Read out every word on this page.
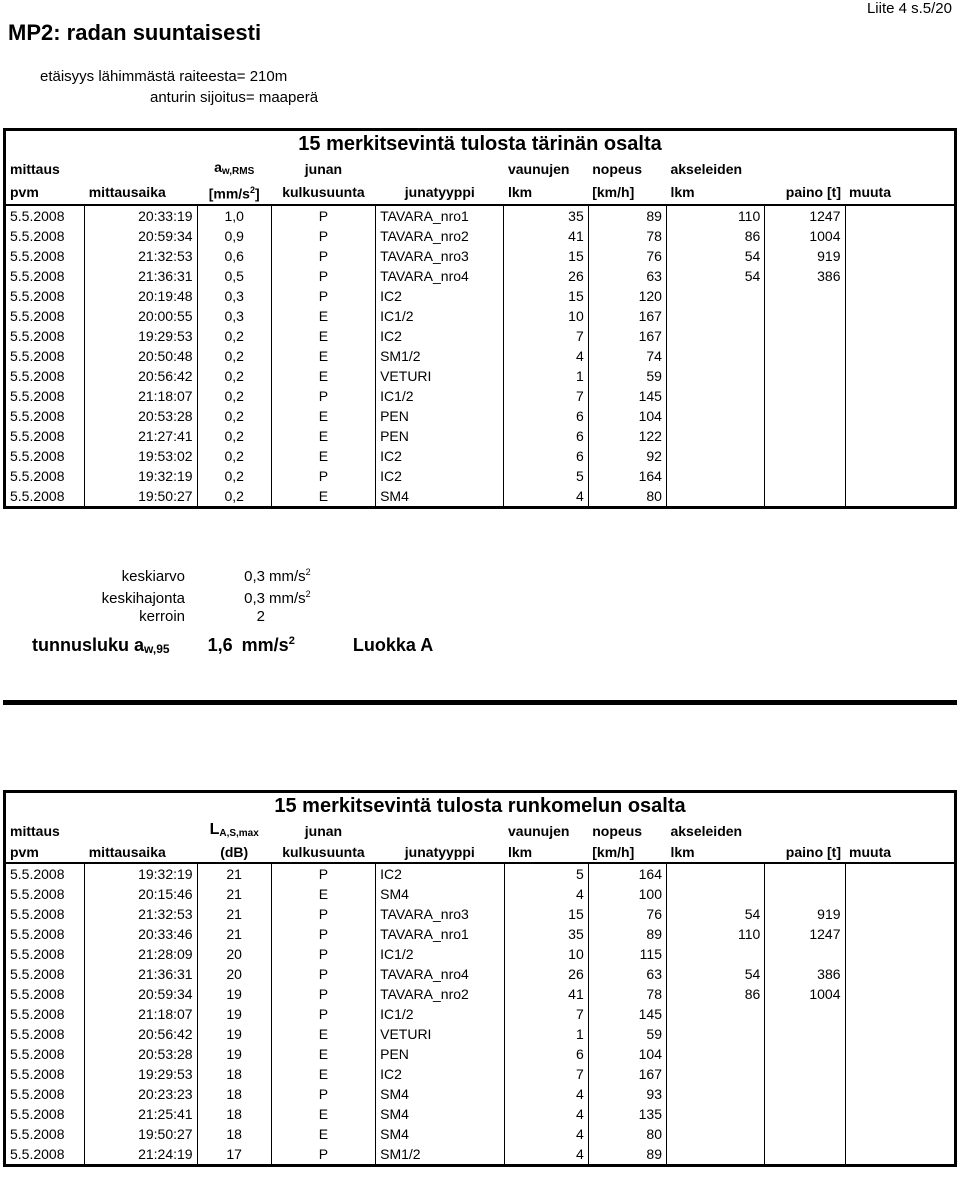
MP2: radan suuntaisesti
Liite 4 s.5/20
etäisyys lähimmästä raiteesta= 210m
anturin sijoitus= maaperä
15 merkitsevintä tulosta tärinän osalta									
mittaus		aw,RMS	junan		vaunujen	nopeus	akseleiden		
pvm	mittausaika	$[mm/s^2]$	kulkusuunta	junatyyppi	lkm	[km/h]	lkm	paino [t]	muuta
5.5.2008	20:33:19	1,0	P	TAVARA_nro1	35	89	110	1247	
5.5.2008	20:59:34	0,9	P	TAVARA_nro2	41	78	86	1004	
5.5.2008	21:32:53	0,6	P	TAVARA_nro3	15	76	54	919	
5.5.2008	21:36:31	0,5	P	TAVARA_nro4	26	63	54	386	
5.5.2008	20:19:48	0,3	P	IC2	15	120			
5.5.2008	20:00:55	0,3	E	IC1/2	10	167			
5.5.2008	19:29:53	0,2	E	IC2	7	167			
5.5.2008	20:50:48	0,2	E	SM1/2	4	74			
5.5.2008	20:56:42	0,2	E	VETURI	1	59			
5.5.2008	21:18:07	0,2	P	IC1/2	7	145			
5.5.2008	20:53:28	0,2	E	PEN	6	104			
5.5.2008	21:27:41	0,2	E	PEN	6	122			
5.5.2008	19:53:02	0,2	E	IC2	6	92			
5.5.2008	19:32:19	0,2	P	IC2	5	164			
5.5.2008	19:50:27	0,2	E	SM4	4	80			
keskiarvo	0,3 $mm/s^2$
keskihajonta	0,3 $mm/s^2$
kerroin	2
tunnusluku aw,95 1,6 $mm/s^2$	Luokka A
15 merkitsevintä tulosta runkomelun osalta									
mittaus		LA,S,max	junan		vaunujen	nopeus	akseleiden		
pvm	mittausaika	(dB)	kulkusuunta	junatyyppi	lkm	[km/h]	lkm	paino [t]	muuta
5.5.2008	19:32:19	21	P	IC2	5	164			
5.5.2008	20:15:46	21	E	SM4	4	100			
5.5.2008	21:32:53	21	P	TAVARA_nro3	15	76	54	919	
5.5.2008	20:33:46	21	P	TAVARA_nro1	35	89	110	1247	
5.5.2008	21:28:09	20	P	IC1/2	10	115			
5.5.2008	21:36:31	20	P	TAVARA_nro4	26	63	54	386	
5.5.2008	20:59:34	19	P	TAVARA_nro2	41	78	86	1004	
5.5.2008	21:18:07	19	P	IC1/2	7	145			
5.5.2008	20:56:42	19	E	VETURI	1	59			
5.5.2008	20:53:28	19	E	PEN	6	104			
5.5.2008	19:29:53	18	E	IC2	7	167			
5.5.2008	20:23:23	18	P	SM4	4	93			
5.5.2008	21:25:41	18	E	SM4	4	135			
5.5.2008	19:50:27	18	E	SM4	4	80			
5.5.2008	21:24:19	17	P	SM1/2	4	89			
